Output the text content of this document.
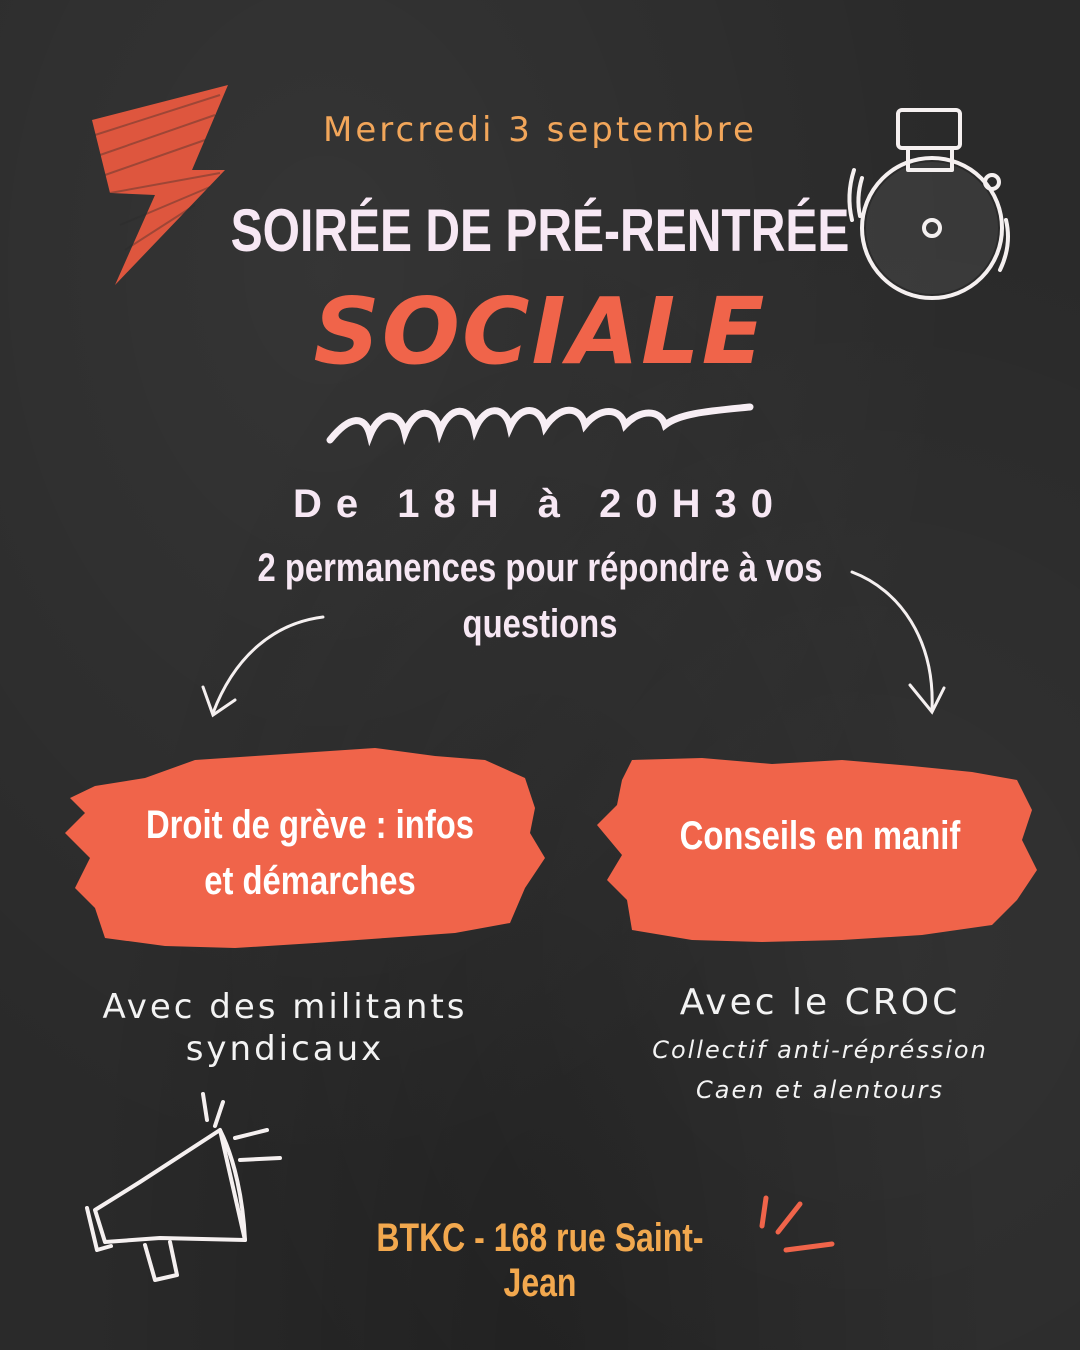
Mercredi 3 septembre
SOIRÉE DE PRÉ-RENTRÉE
SOCIALE
De 18H à 20H30
2 permanences pour répondre à vos questions
Droit de grève : infos
et démarches
Conseils en manif
Avec des militants
syndicaux
Avec le CROC
Collectif anti-répréssion
Caen et alentours
BTKC - 168 rue Saint-Jean
